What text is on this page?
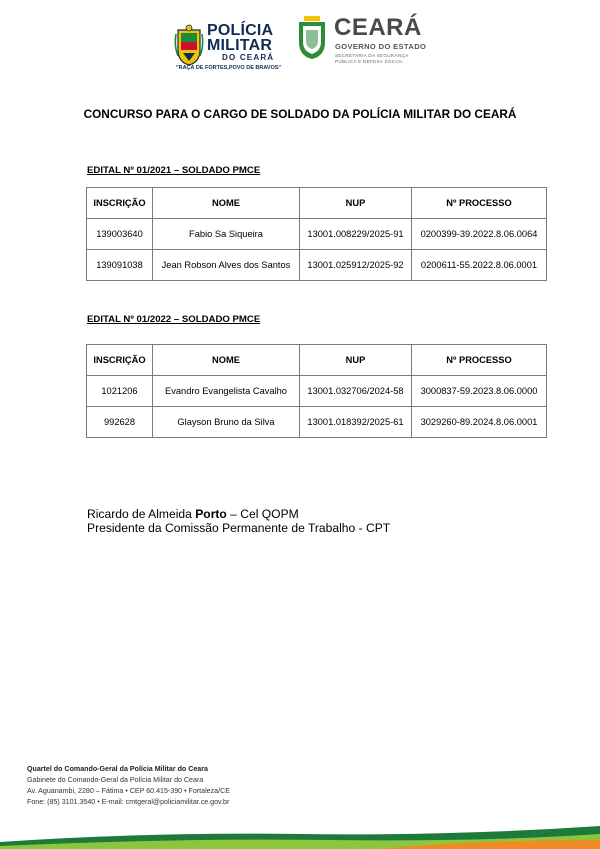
POLÍCIA
MILITAR
DO CEARÁ
"RAÇA DE FORTES,POVO DE BRAVOS"
CEARÁ
GOVERNO DO ESTADO
SECRETARIA DA SEGURANÇA
PÚBLICA E DEFESA SOCIAL
CONCURSO PARA O CARGO DE SOLDADO DA POLÍCIA MILITAR DO CEARÁ
EDITAL Nº 01/2021 – SOLDADO PMCE
INSCRIÇÃO	NOME	NUP	Nº PROCESSO
139003640	Fabio Sa Siqueira	13001.008229/2025-91	0200399-39.2022.8.06.0064
139091038	Jean Robson Alves dos Santos	13001.025912/2025-92	0200611-55.2022.8.06.0001
EDITAL Nº 01/2022 – SOLDADO PMCE
INSCRIÇÃO	NOME	NUP	Nº PROCESSO
1021206	Evandro Evangelista Cavalho	13001.032706/2024-58	3000837-59.2023.8.06.0000
992628	Glayson Bruno da Silva	13001.018392/2025-61	3029260-89.2024.8.06.0001
Ricardo de Almeida Porto – Cel QOPM
Presidente da Comissão Permanente de Trabalho - CPT
Quartel do Comando-Geral da Polícia Militar do Ceara
Gabinete do Comando-Geral da Polícia Militar do Ceara
Av. Aguanambi, 2280 – Fátima • CEP 60.415-390 • Fortaleza/CE
Fone: (85) 3101.3540 • E-mail: cmtgeral@policiamilitar.ce.gov.br
